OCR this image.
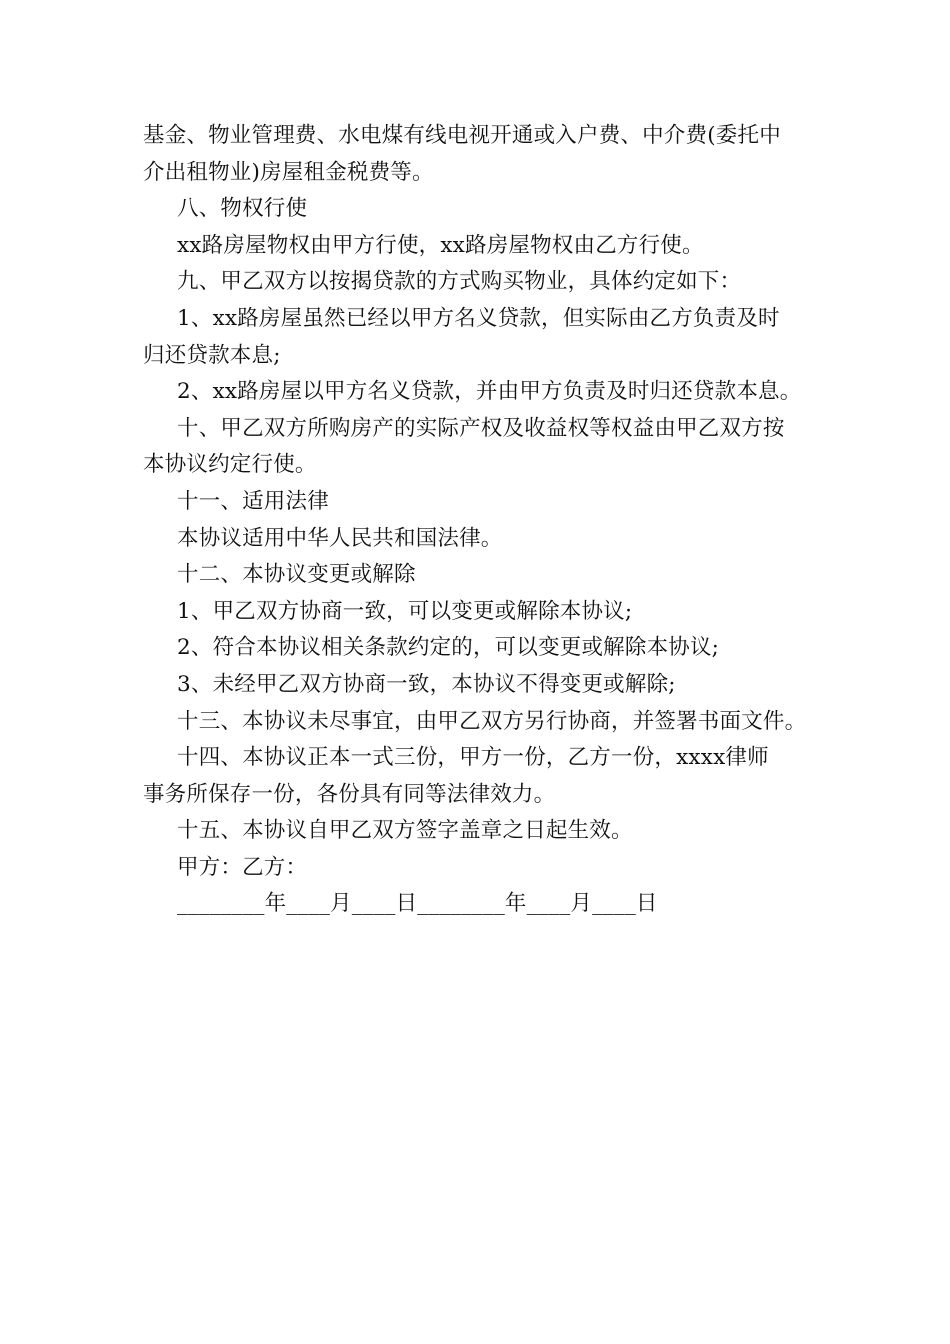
基金、物业管理费、水电煤有线电视开通或入户费、中介费(委托中
介出租物业)房屋租金税费等。
八、物权行使
xx路房屋物权由甲方行使，xx路房屋物权由乙方行使。
九、甲乙双方以按揭贷款的方式购买物业，具体约定如下：
1、xx路房屋虽然已经以甲方名义贷款，但实际由乙方负责及时
归还贷款本息;
2、xx路房屋以甲方名义贷款，并由甲方负责及时归还贷款本息。
十、甲乙双方所购房产的实际产权及收益权等权益由甲乙双方按
本协议约定行使。
十一、适用法律
本协议适用中华人民共和国法律。
十二、本协议变更或解除
1、甲乙双方协商一致，可以变更或解除本协议;
2、符合本协议相关条款约定的，可以变更或解除本协议;
3、未经甲乙双方协商一致，本协议不得变更或解除;
十三、本协议未尽事宜，由甲乙双方另行协商，并签署书面文件。
十四、本协议正本一式三份，甲方一份，乙方一份，xxxx律师
事务所保存一份，各份具有同等法律效力。
十五、本协议自甲乙双方签字盖章之日起生效。
甲方：乙方：
________年____月____日________年____月____日
